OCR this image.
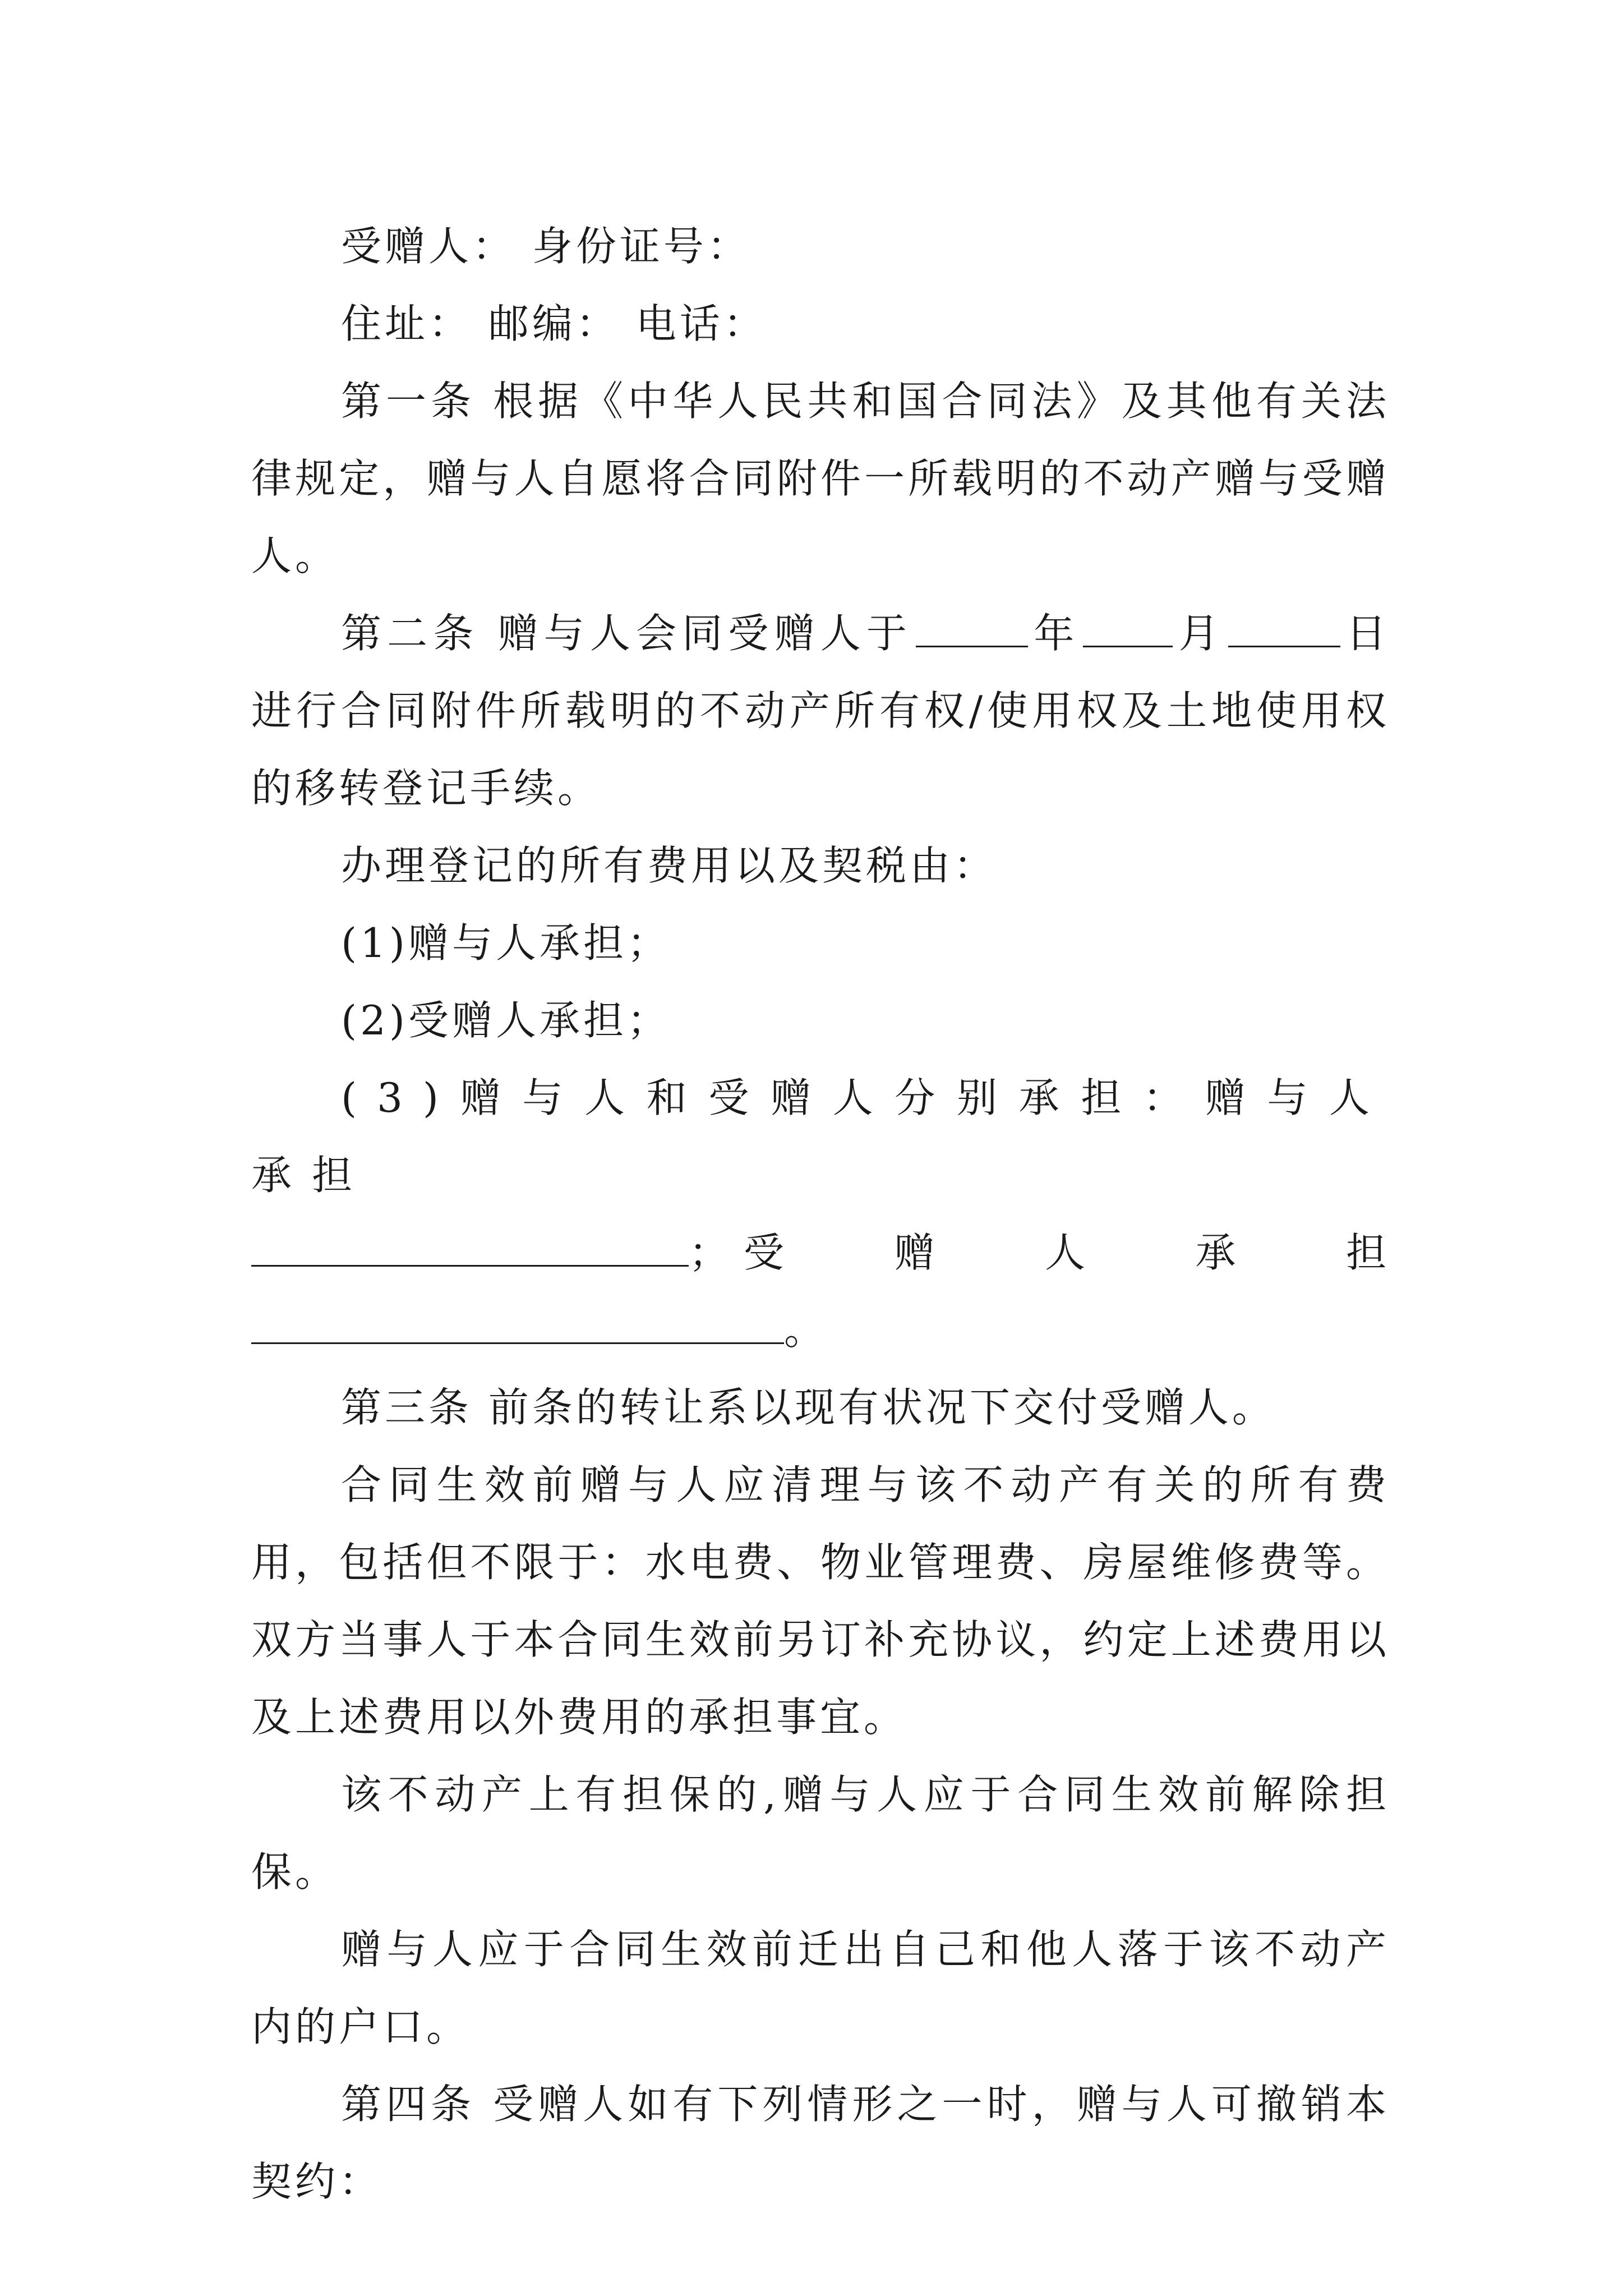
受赠人： 身份证号：

住址： 邮编： 电话：

第一条 根据《中华人民共和国合同法》及其他有关法律规定，赠与人自愿将合同附件一所载明的不动产赠与受赠人。

第二条 赠与人会同受赠人于	年 月	日进行合同附件所载明的不动产所有权/使用权及土地使用权的移转登记手续。

办理登记的所有费用以及契税由：

(1)赠与人承担；

(2)受赠人承担；

(3)赠与人和受赠人分别承担：赠与人承担

； 受	赠	人	承	担

。

第三条 前条的转让系以现有状况下交付受赠人。

合同生效前赠与人应清理与该不动产有关的所有费用，包括但不限于：水电费、物业管理费、房屋维修费等。双方当事人于本合同生效前另订补充协议，约定上述费用以及上述费用以外费用的承担事宜。

该不动产上有担保的,赠与人应于合同生效前解除担保。

赠与人应于合同生效前迁出自己和他人落于该不动产内的户口。

第四条 受赠人如有下列情形之一时，赠与人可撤销本契约：
